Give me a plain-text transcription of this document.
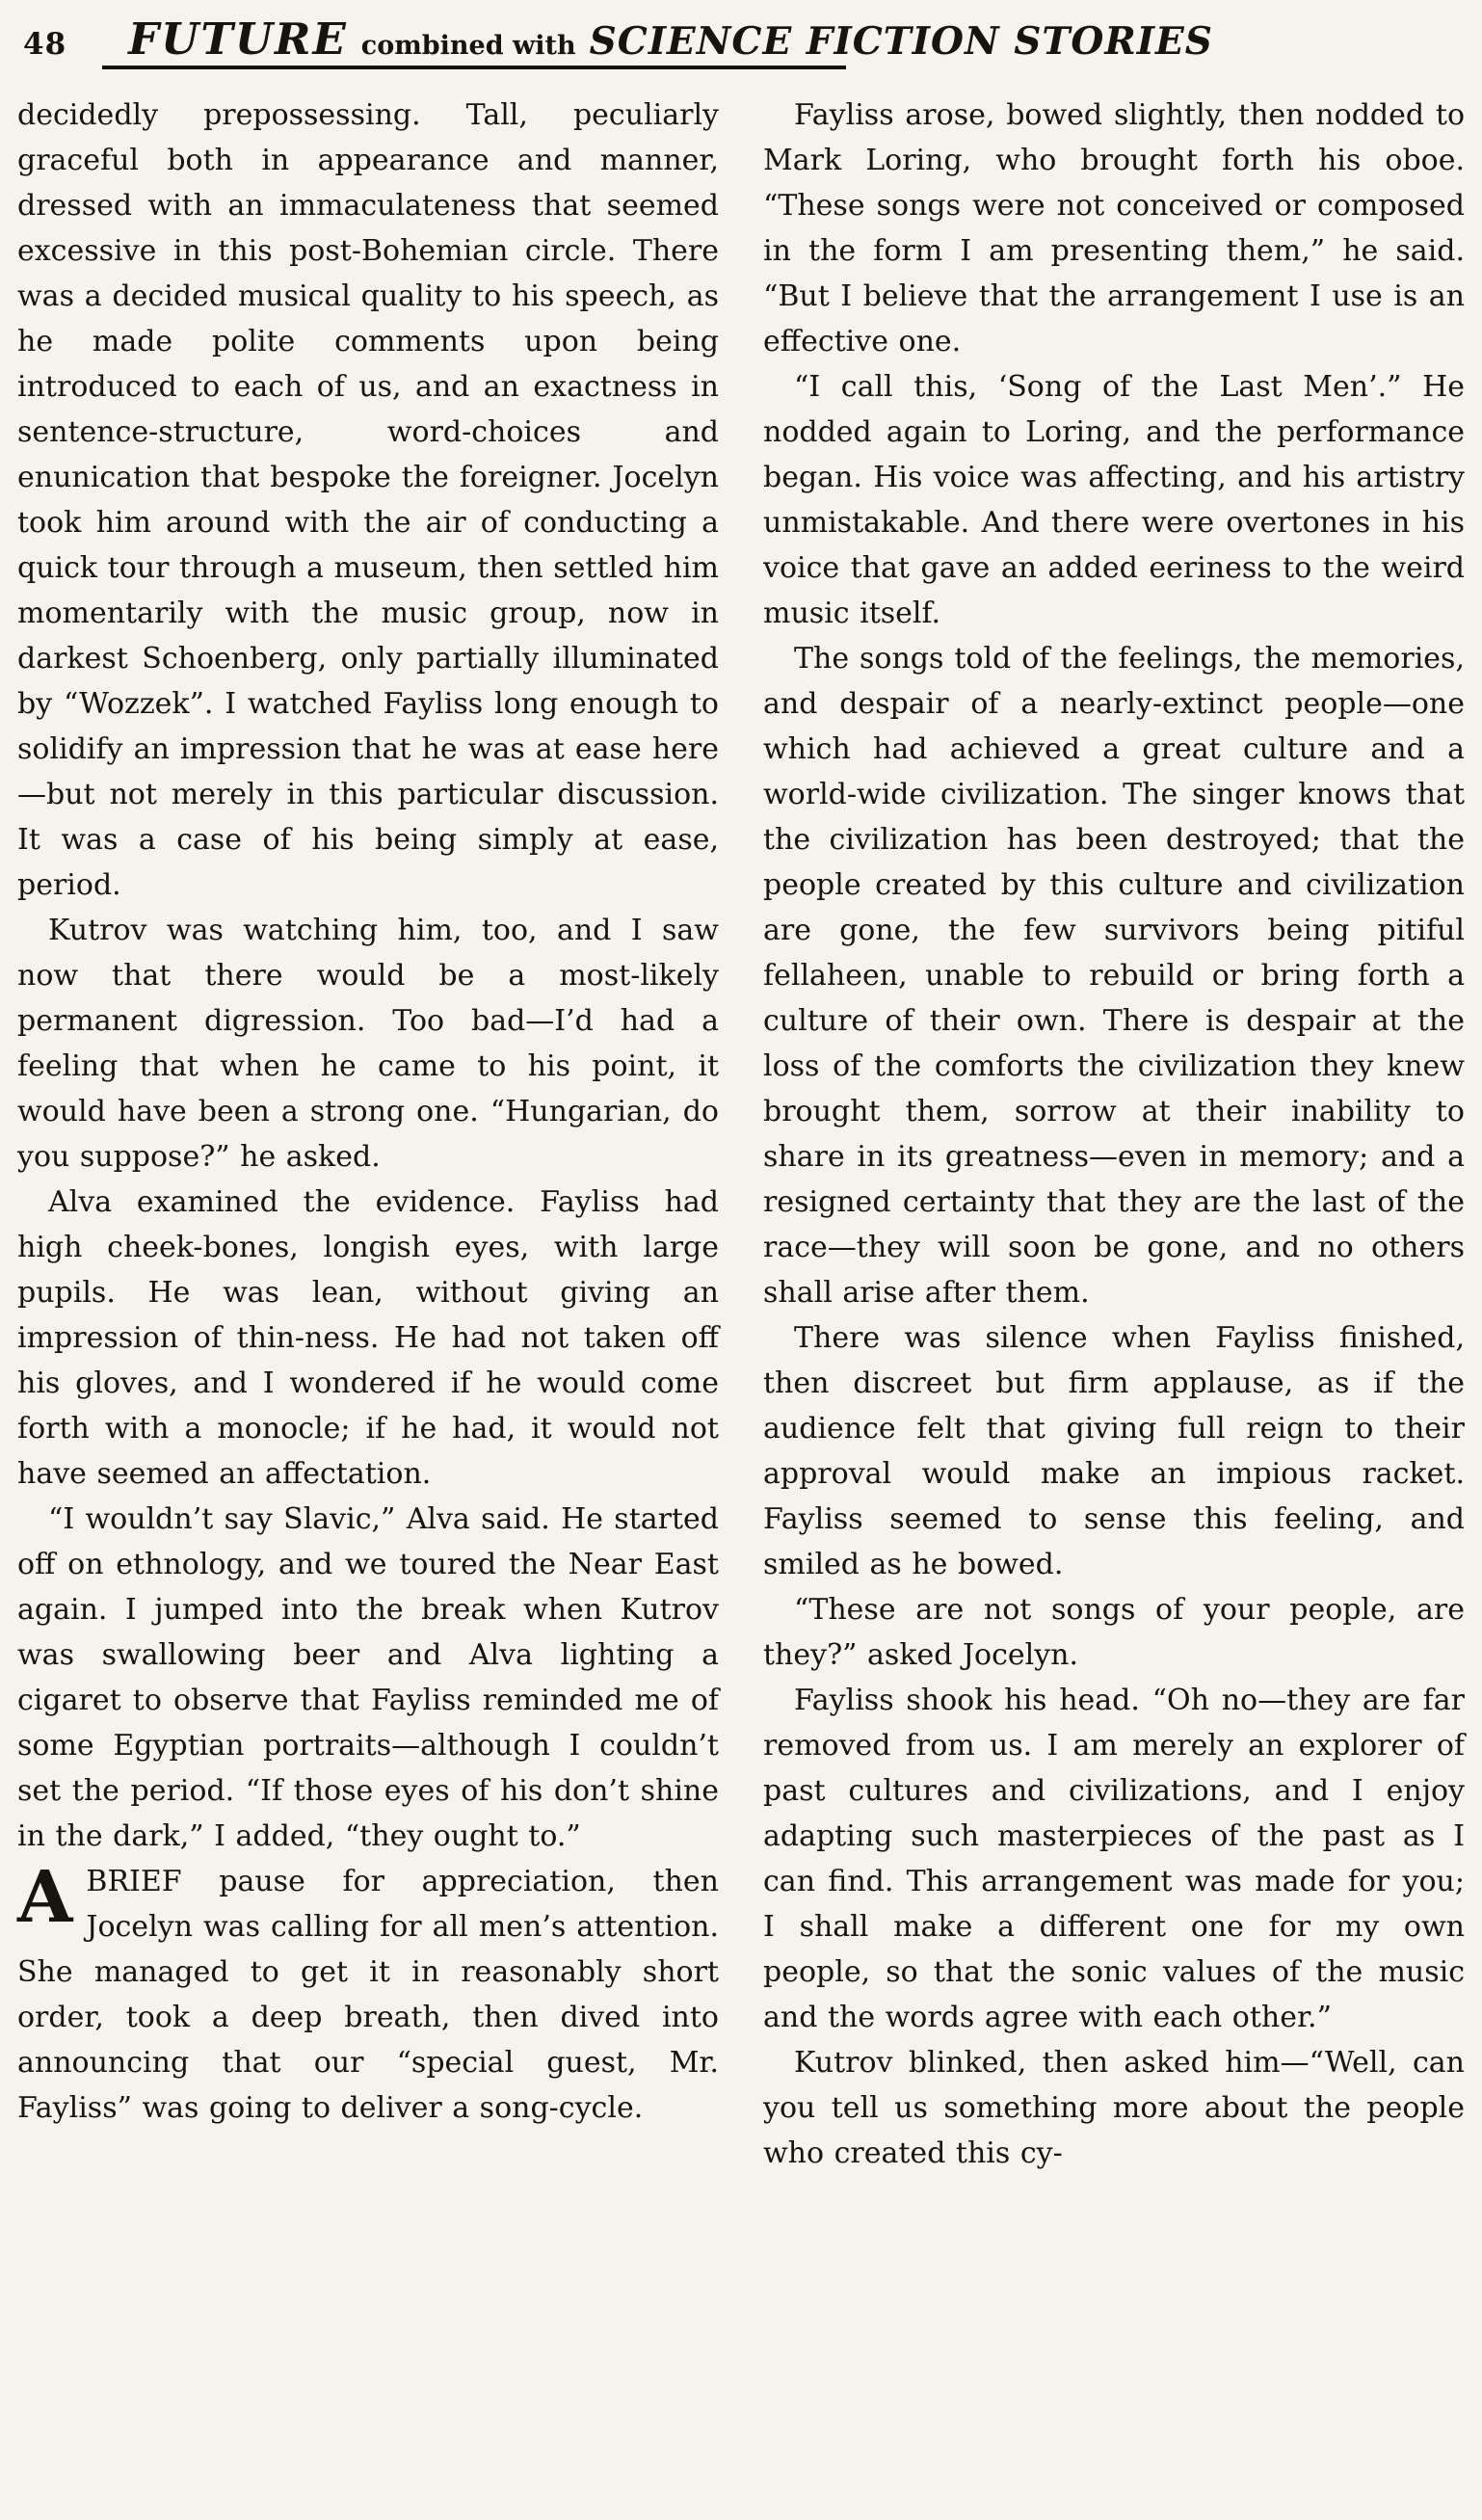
48 FUTURE combined with SCIENCE FICTION STORIES

decidedly prepossessing. Tall, peculiarly graceful both in appearance and manner, dressed with an immaculateness that seemed excessive in this post-Bohemian circle. There was a decided musical quality to his speech, as he made polite comments upon being introduced to each of us, and an exactness in sentence-structure, word-choices and enunication that bespoke the foreigner. Jocelyn took him around with the air of conducting a quick tour through a museum, then settled him momentarily with the music group, now in darkest Schoenberg, only partially illuminated by “Wozzek”. I watched Fayliss long enough to solidify an impression that he was at ease here—but not merely in this particular discussion. It was a case of his being simply at ease, period.

Kutrov was watching him, too, and I saw now that there would be a most-likely permanent digression. Too bad—I’d had a feeling that when he came to his point, it would have been a strong one. “Hungarian, do you suppose?” he asked.

Alva examined the evidence. Fayliss had high cheek-bones, longish eyes, with large pupils. He was lean, without giving an impression of thin-ness. He had not taken off his gloves, and I wondered if he would come forth with a monocle; if he had, it would not have seemed an affectation.

“I wouldn’t say Slavic,” Alva said. He started off on ethnology, and we toured the Near East again. I jumped into the break when Kutrov was swallowing beer and Alva lighting a cigaret to observe that Fayliss reminded me of some Egyptian portraits—although I couldn’t set the period. “If those eyes of his don’t shine in the dark,” I added, “they ought to.”

ABRIEF pause for appreciation, then Jocelyn was calling for all men’s attention. She managed to get it in reasonably short order, took a deep breath, then dived into announcing that our “special guest, Mr. Fayliss” was going to deliver a song-cycle.

Fayliss arose, bowed slightly, then nodded to Mark Loring, who brought forth his oboe. “These songs were not conceived or composed in the form I am presenting them,” he said. “But I believe that the arrangement I use is an effective one.

“I call this, ‘Song of the Last Men’.” He nodded again to Loring, and the performance began. His voice was affecting, and his artistry unmistakable. And there were overtones in his voice that gave an added eeriness to the weird music itself.

The songs told of the feelings, the memories, and despair of a nearly-extinct people—one which had achieved a great culture and a world-wide civilization. The singer knows that the civilization has been destroyed; that the people created by this culture and civilization are gone, the few survivors being pitiful fellaheen, unable to rebuild or bring forth a culture of their own. There is despair at the loss of the comforts the civilization they knew brought them, sorrow at their inability to share in its greatness—even in memory; and a resigned certainty that they are the last of the race—they will soon be gone, and no others shall arise after them.

There was silence when Fayliss finished, then discreet but firm applause, as if the audience felt that giving full reign to their approval would make an impious racket. Fayliss seemed to sense this feeling, and smiled as he bowed.

“These are not songs of your people, are they?” asked Jocelyn.

Fayliss shook his head. “Oh no—they are far removed from us. I am merely an explorer of past cultures and civilizations, and I enjoy adapting such masterpieces of the past as I can find. This arrangement was made for you; I shall make a different one for my own people, so that the sonic values of the music and the words agree with each other.”

Kutrov blinked, then asked him—“Well, can you tell us something more about the people who created this cy-
